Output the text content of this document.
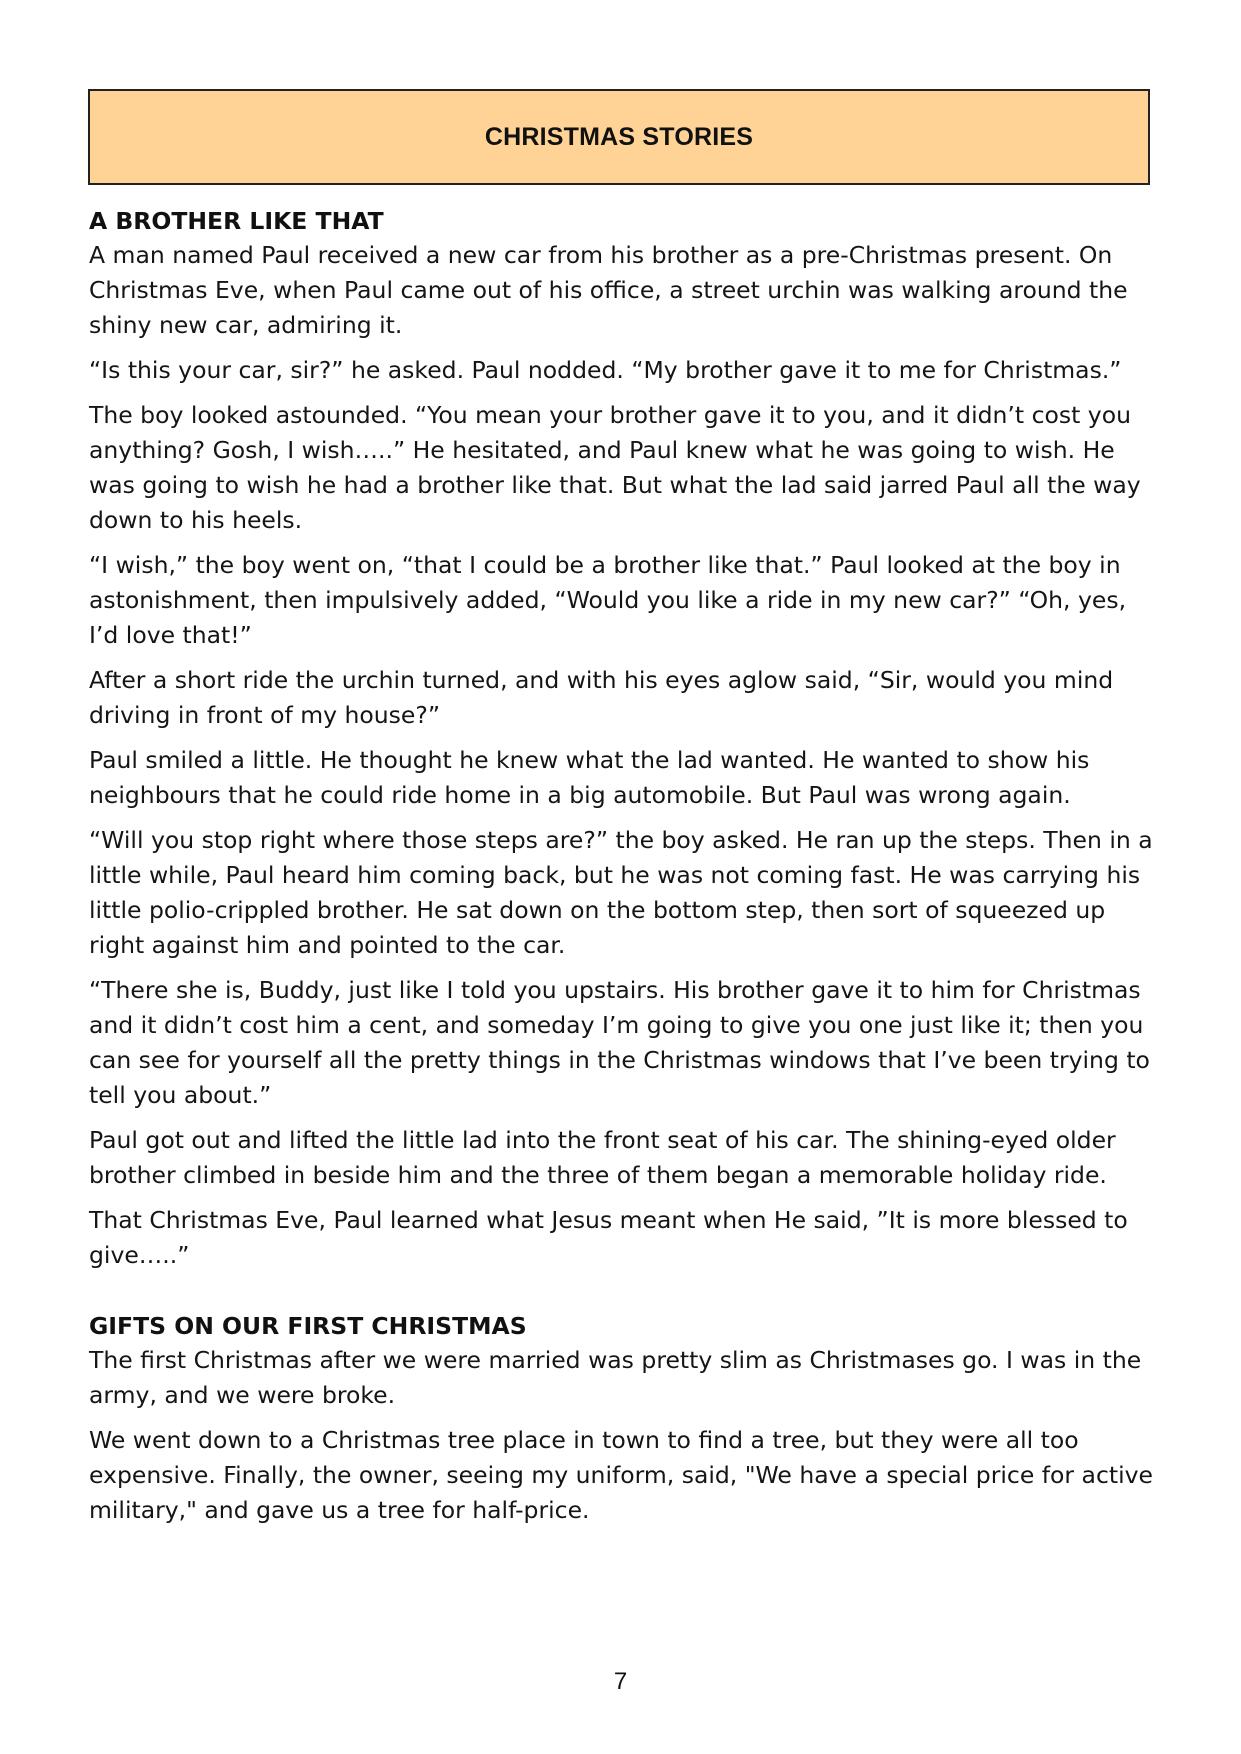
CHRISTMAS STORIES
A BROTHER LIKE THAT

A man named Paul received a new car from his brother as a pre-Christmas present. On Christmas Eve, when Paul came out of his office, a street urchin was walking around the shiny new car, admiring it.

“Is this your car, sir?” he asked. Paul nodded. “My brother gave it to me for Christmas.”

The boy looked astounded. “You mean your brother gave it to you, and it didn’t cost you anything? Gosh, I wish…..” He hesitated, and Paul knew what he was going to wish. He was going to wish he had a brother like that. But what the lad said jarred Paul all the way down to his heels.

“I wish,” the boy went on, “that I could be a brother like that.” Paul looked at the boy in astonishment, then impulsively added, “Would you like a ride in my new car?” “Oh, yes, I’d love that!”

After a short ride the urchin turned, and with his eyes aglow said, “Sir, would you mind driving in front of my house?”

Paul smiled a little. He thought he knew what the lad wanted. He wanted to show his neighbours that he could ride home in a big automobile. But Paul was wrong again.

“Will you stop right where those steps are?” the boy asked. He ran up the steps. Then in a little while, Paul heard him coming back, but he was not coming fast. He was carrying his little polio-crippled brother. He sat down on the bottom step, then sort of squeezed up right against him and pointed to the car.

“There she is, Buddy, just like I told you upstairs. His brother gave it to him for Christmas and it didn’t cost him a cent, and someday I’m going to give you one just like it; then you can see for yourself all the pretty things in the Christmas windows that I’ve been trying to tell you about.”

Paul got out and lifted the little lad into the front seat of his car. The shining-eyed older brother climbed in beside him and the three of them began a memorable holiday ride.

That Christmas Eve, Paul learned what Jesus meant when He said, ”It is more blessed to give…..”

GIFTS ON OUR FIRST CHRISTMAS

The first Christmas after we were married was pretty slim as Christmases go. I was in the army, and we were broke.

We went down to a Christmas tree place in town to find a tree, but they were all too expensive. Finally, the owner, seeing my uniform, said, "We have a special price for active military," and gave us a tree for half-price.

7
